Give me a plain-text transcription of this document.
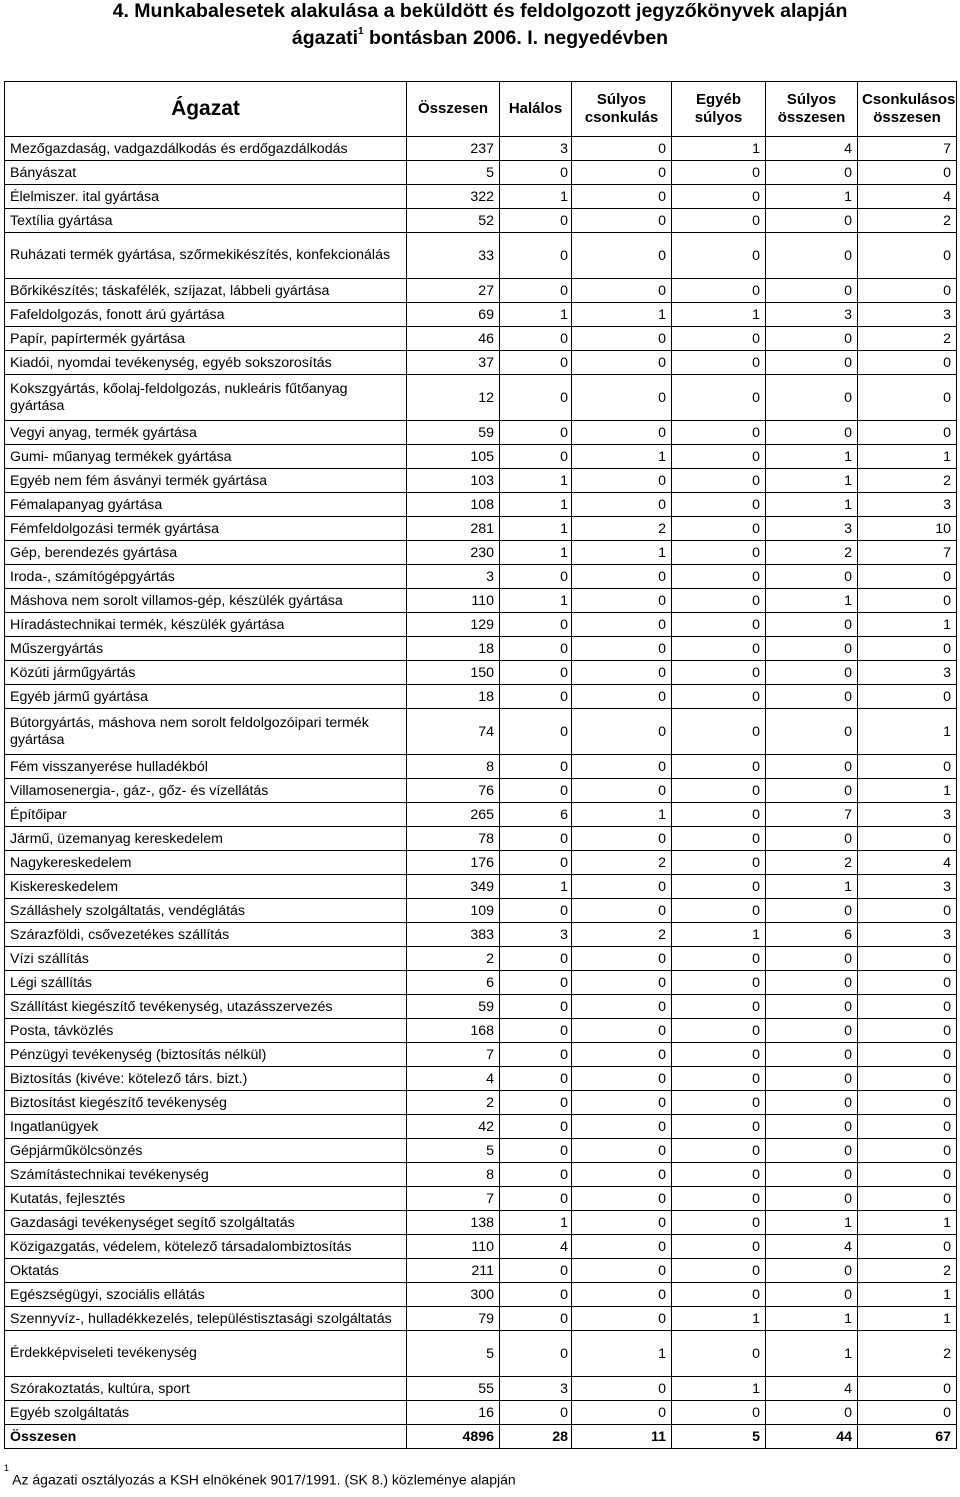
4. Munkabalesetek alakulása a beküldött és feldolgozott jegyzőkönyvek alapján
ágazati$^1$ bontásban 2006. I. negyedévben
Ágazat	Összesen	Halálos	Súlyos csonkulás	Egyéb súlyos	Súlyos összesen	Csonkulásos összesen
Mezőgazdaság, vadgazdálkodás és erdőgazdálkodás	237	3	0	1	4	7
Bányászat	5	0	0	0	0	0
Élelmiszer. ital gyártása	322	1	0	0	1	4
Textília gyártása	52	0	0	0	0	2
Ruházati termék gyártása, szőrmekikészítés, konfekcionálás	33	0	0	0	0	0
Bőrkikészítés; táskafélék, szíjazat, lábbeli gyártása	27	0	0	0	0	0
Fafeldolgozás, fonott árú gyártása	69	1	1	1	3	3
Papír, papírtermék gyártása	46	0	0	0	0	2
Kiadói, nyomdai tevékenység, egyéb sokszorosítás	37	0	0	0	0	0
Kokszgyártás, kőolaj-feldolgozás, nukleáris fűtőanyag gyártása	12	0	0	0	0	0
Vegyi anyag, termék gyártása	59	0	0	0	0	0
Gumi- műanyag termékek gyártása	105	0	1	0	1	1
Egyéb nem fém ásványi termék gyártása	103	1	0	0	1	2
Fémalapanyag gyártása	108	1	0	0	1	3
Fémfeldolgozási termék gyártása	281	1	2	0	3	10
Gép, berendezés gyártása	230	1	1	0	2	7
Iroda-, számítógépgyártás	3	0	0	0	0	0
Máshova nem sorolt villamos-gép, készülék gyártása	110	1	0	0	1	0
Híradástechnikai termék, készülék gyártása	129	0	0	0	0	1
Műszergyártás	18	0	0	0	0	0
Közúti járműgyártás	150	0	0	0	0	3
Egyéb jármű gyártása	18	0	0	0	0	0
Bútorgyártás, máshova nem sorolt feldolgozóipari termék gyártása	74	0	0	0	0	1
Fém visszanyerése hulladékból	8	0	0	0	0	0
Villamosenergia-, gáz-, gőz- és vízellátás	76	0	0	0	0	1
Építőipar	265	6	1	0	7	3
Jármű, üzemanyag kereskedelem	78	0	0	0	0	0
Nagykereskedelem	176	0	2	0	2	4
Kiskereskedelem	349	1	0	0	1	3
Szálláshely szolgáltatás, vendéglátás	109	0	0	0	0	0
Szárazföldi, csővezetékes szállítás	383	3	2	1	6	3
Vízi szállítás	2	0	0	0	0	0
Légi szállítás	6	0	0	0	0	0
Szállítást kiegészítő tevékenység, utazásszervezés	59	0	0	0	0	0
Posta, távközlés	168	0	0	0	0	0
Pénzügyi tevékenység (biztosítás nélkül)	7	0	0	0	0	0
Biztosítás (kivéve: kötelező társ. bizt.)	4	0	0	0	0	0
Biztosítást kiegészítő tevékenység	2	0	0	0	0	0
Ingatlanügyek	42	0	0	0	0	0
Gépjárműkölcsönzés	5	0	0	0	0	0
Számítástechnikai tevékenység	8	0	0	0	0	0
Kutatás, fejlesztés	7	0	0	0	0	0
Gazdasági tevékenységet segítő szolgáltatás	138	1	0	0	1	1
Közigazgatás, védelem, kötelező társadalombiztosítás	110	4	0	0	4	0
Oktatás	211	0	0	0	0	2
Egészségügyi, szociális ellátás	300	0	0	0	0	1
Szennyvíz-, hulladékkezelés, településtisztasági szolgáltatás	79	0	0	1	1	1
Érdekképviseleti tevékenység	5	0	1	0	1	2
Szórakoztatás, kultúra, sport	55	3	0	1	4	0
Egyéb szolgáltatás	16	0	0	0	0	0
Összesen	4896	28	11	5	44	67
$^1$ Az ágazati osztályozás a KSH elnökének 9017/1991. (SK 8.) közleménye alapján
